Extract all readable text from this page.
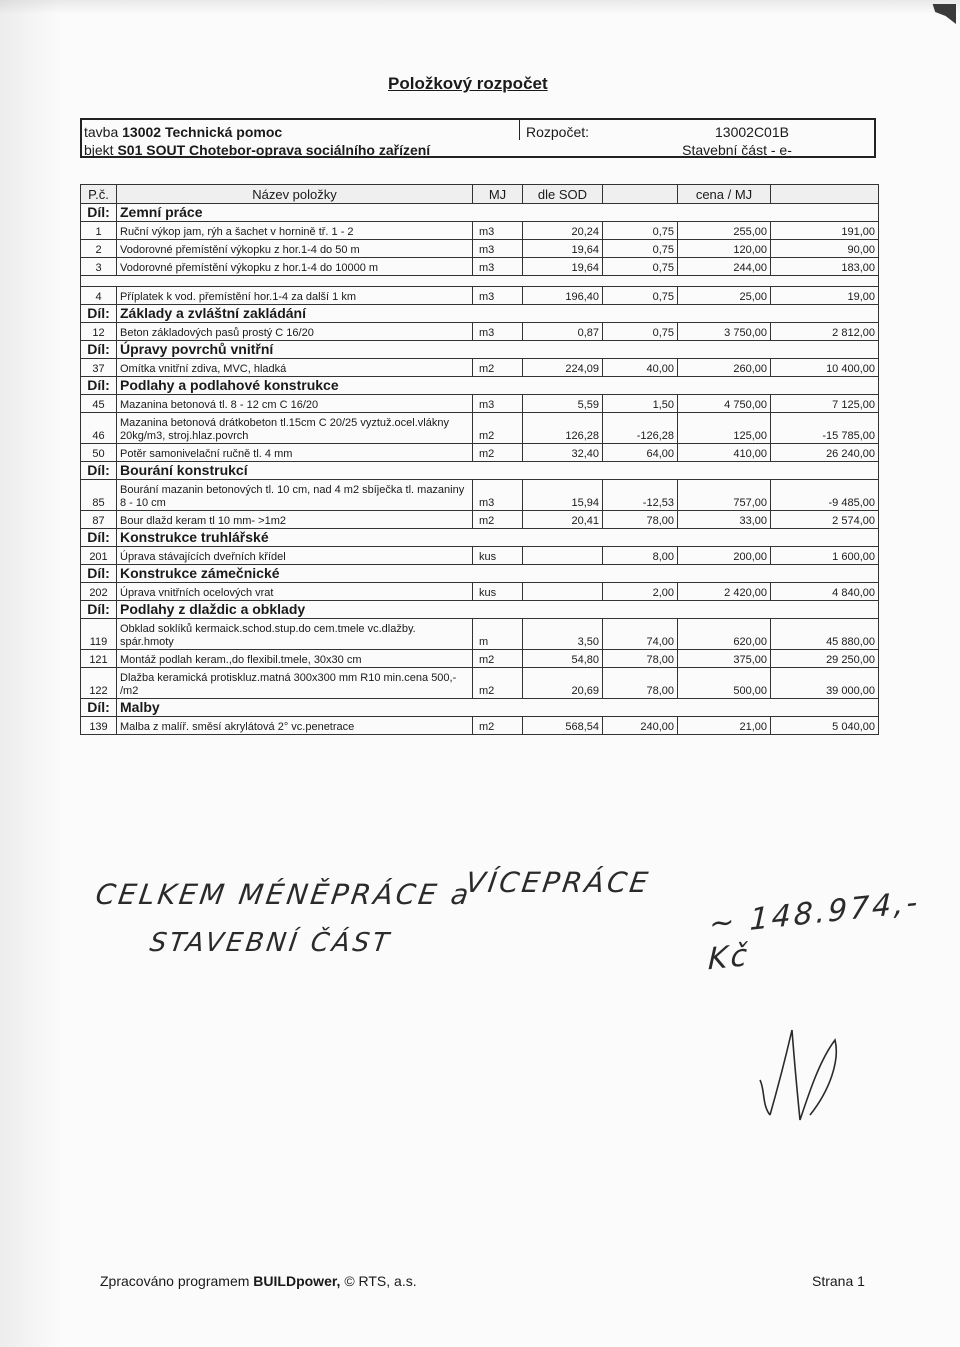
Položkový rozpočet
tavba 13002 Technická pomoc
bjekt S01 SOUT Chotebor-oprava sociálního zařízení
Rozpočet:	13002C01B
Stavební část - e-
P.č.	Název položky	MJ	dle SOD		cena / MJ	
Díl:	Zemní práce					
1	Ruční výkop jam, rýh a šachet v hornině tř. 1 - 2	m3	20,24	0,75	255,00	191,00
2	Vodorovné přemístění výkopku z hor.1-4 do 50 m	m3	19,64	0,75	120,00	90,00
3	Vodorovné přemístění výkopku z hor.1-4 do 10000 m	m3	19,64	0,75	244,00	183,00

4	Příplatek k vod. přemístění hor.1-4 za další 1 km	m3	196,40	0,75	25,00	19,00
Díl:	Základy a zvláštní zakládání					
12	Beton základových pasů prostý C 16/20	m3	0,87	0,75	3 750,00	2 812,00
Díl:	Úpravy povrchů vnitřní					
37	Omítka vnitřní zdiva, MVC, hladká	m2	224,09	40,00	260,00	10 400,00
Díl:	Podlahy a podlahové konstrukce					
45	Mazanina betonová tl. 8 - 12 cm C 16/20	m3	5,59	1,50	4 750,00	7 125,00
46	Mazanina betonová drátkobeton tl.15cm C 20/25 vyztuž.ocel.vlákny 20kg/m3, stroj.hlaz.povrch	m2	126,28	-126,28	125,00	-15 785,00
50	Potěr samonivelační ručně tl. 4 mm	m2	32,40	64,00	410,00	26 240,00
Díl:	Bourání konstrukcí					
85	Bourání mazanin betonových tl. 10 cm, nad 4 m2 sbíječka tl. mazaniny 8 - 10 cm	m3	15,94	-12,53	757,00	-9 485,00
87	Bour dlažd keram tl 10 mm- >1m2	m2	20,41	78,00	33,00	2 574,00
Díl:	Konstrukce truhlářské					
201	Úprava stávajících dveřních křídel	kus		8,00	200,00	1 600,00
Díl:	Konstrukce zámečnické					
202	Úprava vnitřních ocelových vrat	kus		2,00	2 420,00	4 840,00
Díl:	Podlahy z dlaždic a obklady					
119	Obklad soklíků kermaick.schod.stup.do cem.tmele vc.dlažby. spár.hmoty	m	3,50	74,00	620,00	45 880,00
121	Montáž podlah keram.,do flexibil.tmele, 30x30 cm	m2	54,80	78,00	375,00	29 250,00
122	Dlažba keramická protiskluz.matná 300x300 mm R10 min.cena 500,- /m2	m2	20,69	78,00	500,00	39 000,00
Díl:	Malby					
139	Malba z malíř. směsí akrylátová 2° vc.penetrace	m2	568,54	240,00	21,00	5 040,00
CELKEM MÉNĚPRÁCE a
VÍCEPRÁCE
STAVEBNÍ ČÁST
~ 148.974,- Kč
Zpracováno programem BUILDpower, © RTS, a.s.	Strana 1
